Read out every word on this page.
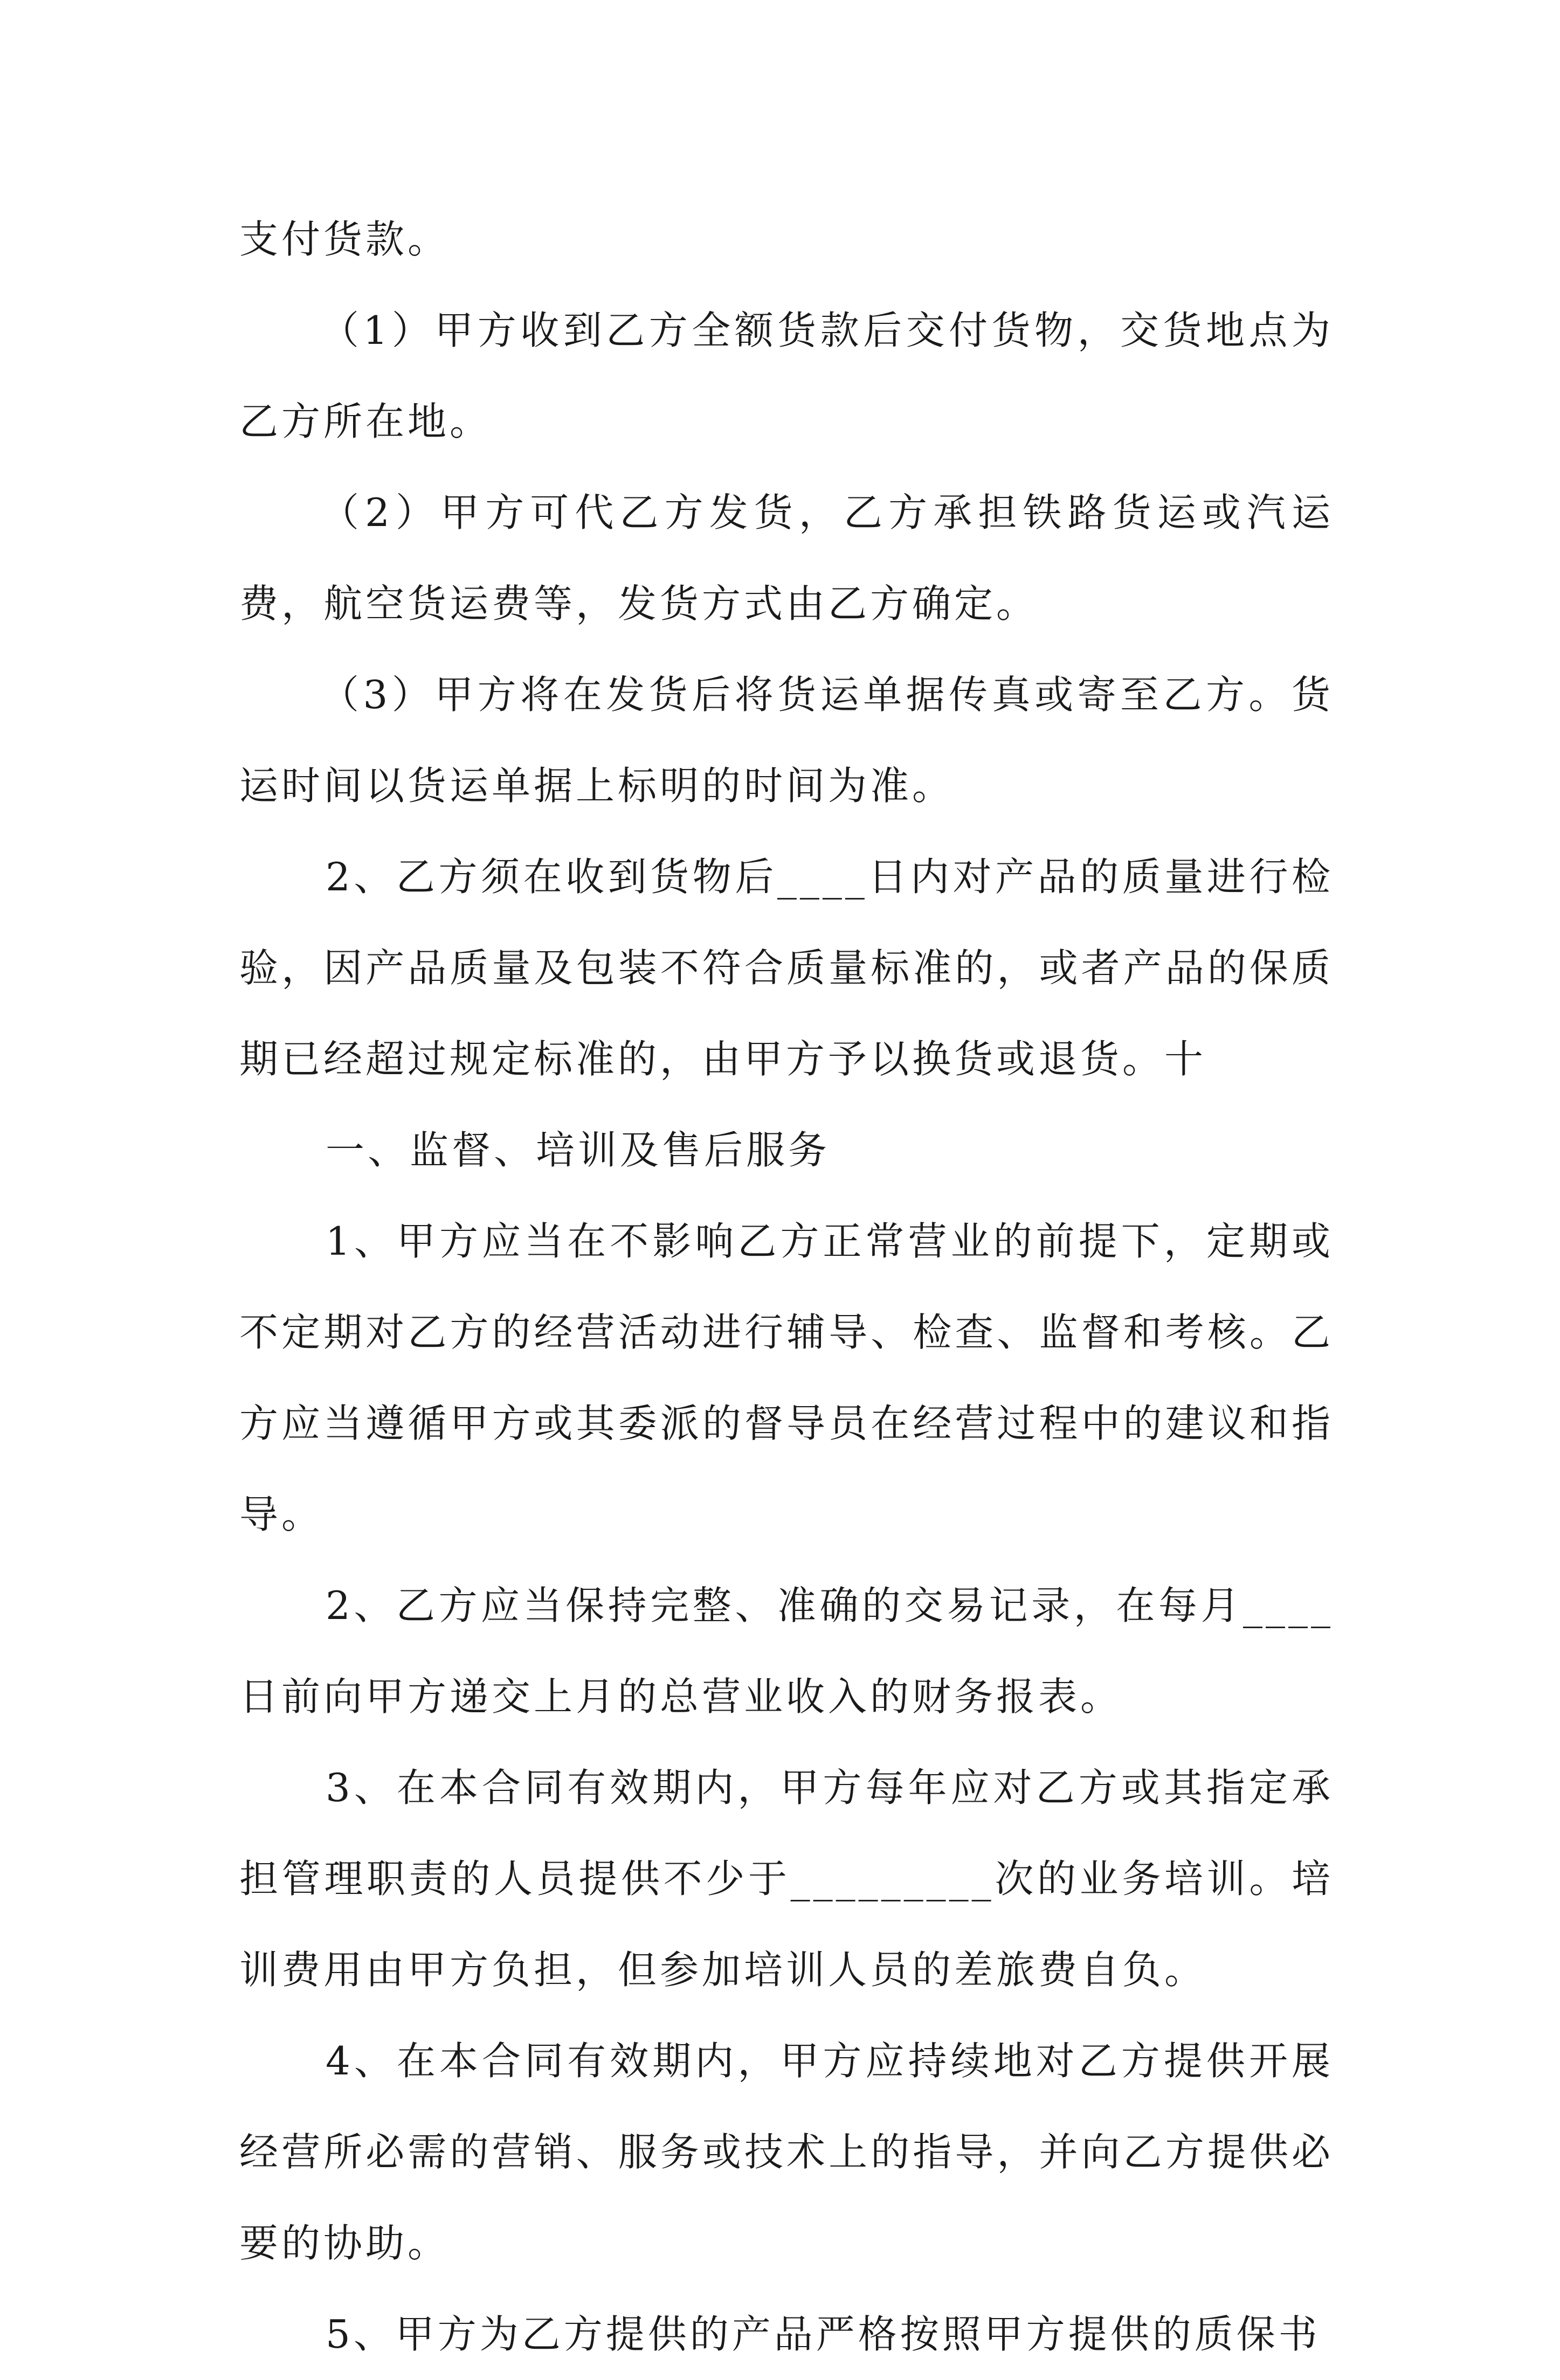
支付货款。

（1）甲方收到乙方全额货款后交付货物，交货地点为乙方所在地。

（2）甲方可代乙方发货，乙方承担铁路货运或汽运费，航空货运费等，发货方式由乙方确定。

（3）甲方将在发货后将货运单据传真或寄至乙方。货运时间以货运单据上标明的时间为准。

2、乙方须在收到货物后____日内对产品的质量进行检验，因产品质量及包装不符合质量标准的，或者产品的保质期已经超过规定标准的，由甲方予以换货或退货。十

一、监督、培训及售后服务

1、甲方应当在不影响乙方正常营业的前提下，定期或不定期对乙方的经营活动进行辅导、检查、监督和考核。乙方应当遵循甲方或其委派的督导员在经营过程中的建议和指导。

2、乙方应当保持完整、准确的交易记录，在每月____日前向甲方递交上月的总营业收入的财务报表。

3、在本合同有效期内，甲方每年应对乙方或其指定承担管理职责的人员提供不少于_________次的业务培训。培训费用由甲方负担，但参加培训人员的差旅费自负。

4、在本合同有效期内，甲方应持续地对乙方提供开展经营所必需的营销、服务或技术上的指导，并向乙方提供必要的协助。

5、甲方为乙方提供的产品严格按照甲方提供的质保书
